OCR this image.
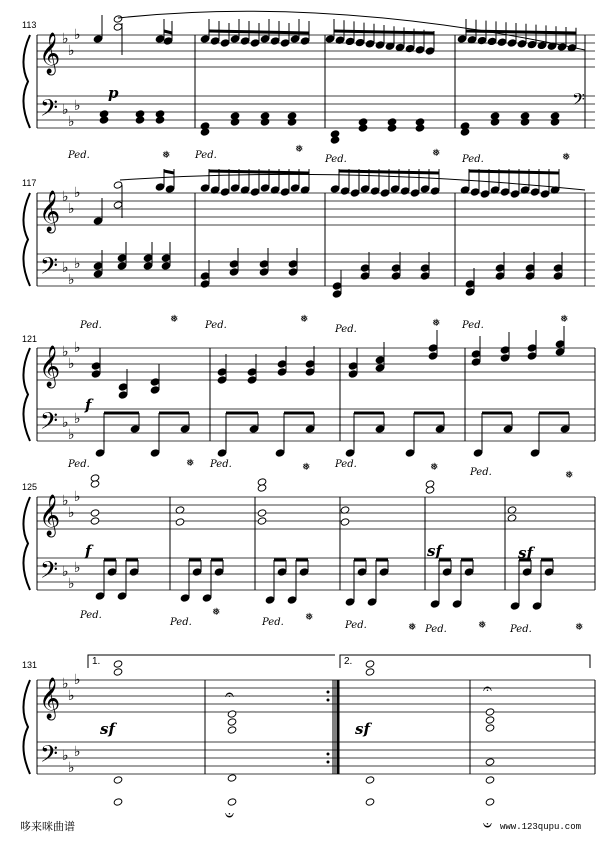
𝄞
𝄢
♭
♭
♭
♭
♭
♭
𝄞
𝄢
♭
♭
♭
♭
♭
♭
𝄞
𝄢
♭
♭
♭
♭
♭
♭
𝄞
𝄢
♭
♭
♭
♭
♭
♭
𝄞
𝄢
♭
♭
♭
♭
♭
♭
𝄢
❅
❅	❅	❅
❅	❅	❅	❅
❅	❅	❅
❅
❅	❅
❅	❅	❅
𝄐	𝄐
𝄑
𝄑
113
117
121
125
131
p
f
f	sf	sf
sf	sf
Ped.	Ped.	Ped.	Ped.
Ped.	Ped.	Ped.	Ped.
Ped.	Ped.	Ped.
Ped.
Ped.
Ped.	Ped.	Ped.	Ped.	Ped.
1.	2.
哆来咪曲谱	www.123qupu.com
